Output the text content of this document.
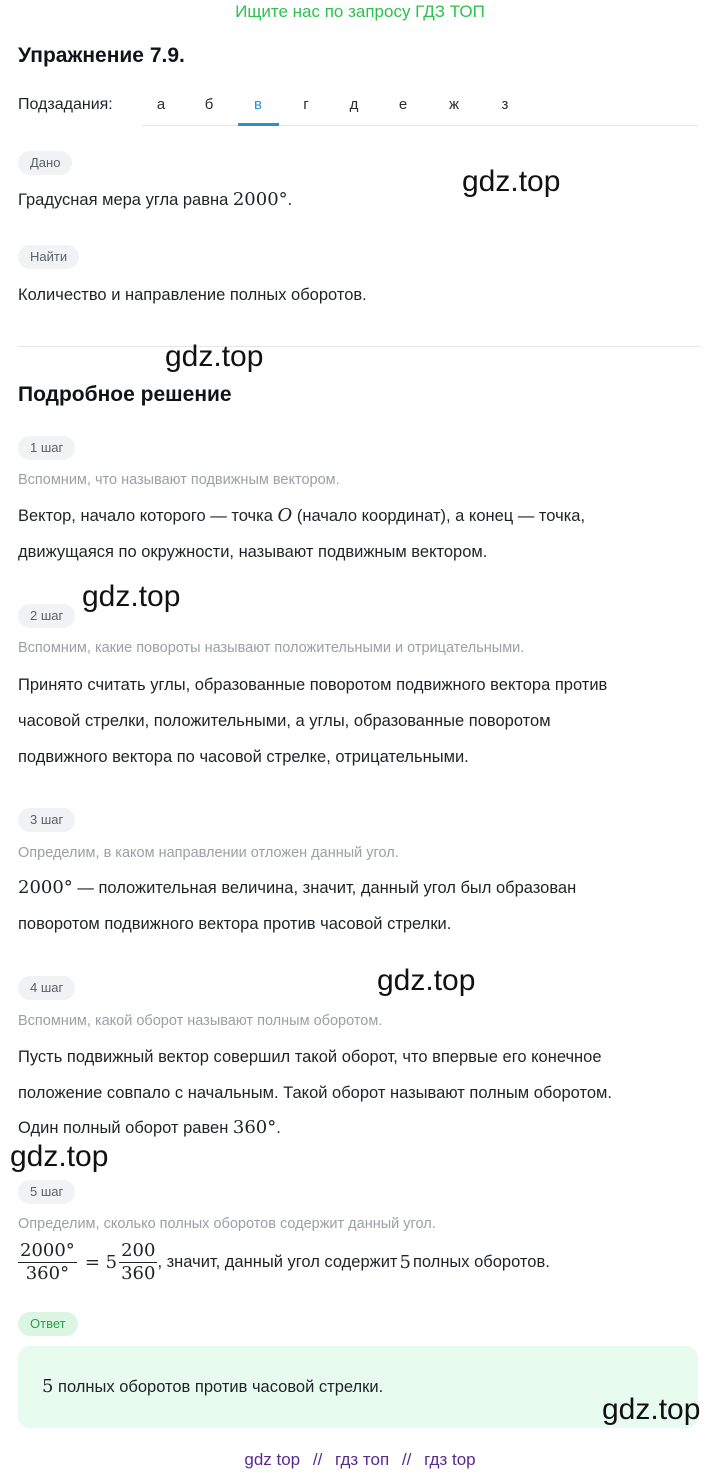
Ищите нас по запросу ГДЗ ТОП
Упражнение 7.9.
Подзадания:	а	б	в	г	д	е	ж	з
Дано
Градусная мера угла равна 2000°.
Найти
Количество и направление полных оборотов.
Подробное решение
1 шаг
Вспомним, что называют подвижным вектором.
Вектор, начало которого — точка O (начало координат), а конец — точка,
движущаяся по окружности, называют подвижным вектором.
2 шаг
Вспомним, какие повороты называют положительными и отрицательными.
Принято считать углы, образованные поворотом подвижного вектора против
часовой стрелки, положительными, а углы, образованные поворотом
подвижного вектора по часовой стрелке, отрицательными.
3 шаг
Определим, в каком направлении отложен данный угол.
2000° — положительная величина, значит, данный угол был образован
поворотом подвижного вектора против часовой стрелки.
4 шаг
Вспомним, какой оборот называют полным оборотом.
Пусть подвижный вектор совершил такой оборот, что впервые его конечное
положение совпало с начальным. Такой оборот называют полным оборотом.
Один полный оборот равен 360°.
5 шаг
Определим, сколько полных оборотов содержит данный угол.
$\frac{2000^\circ}{360^\circ} = 5 \frac{200}{360}$ , значит, данный угол содержит 5 полных оборотов.
Ответ
5 полных оборотов против часовой стрелки.
gdz.top
gdz.top
gdz.top
gdz.top
gdz.top
gdz.top
gdz top // гдз топ // гдз top
